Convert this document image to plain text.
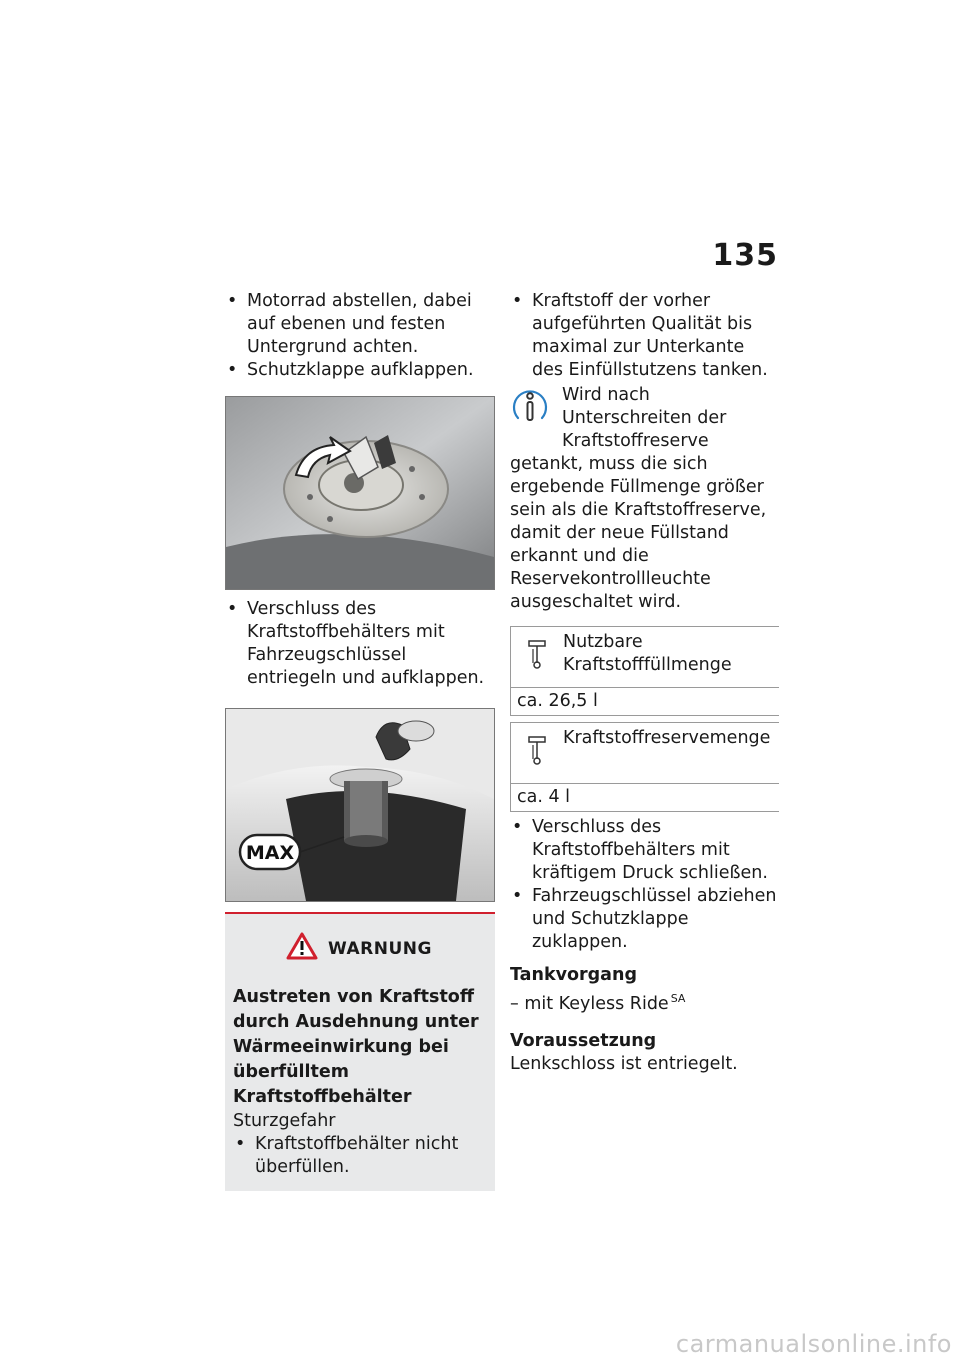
135

• Motorrad abstellen, dabei auf ebenen und festen Untergrund achten.

• Schutzklappe aufklappen.

• Verschluss des Kraftstoffbehälters mit Fahrzeugschlüssel entriegeln und aufklappen.

MAX
WARNUNG
Austreten von Kraftstoff durch Ausdehnung unter Wärmeeinwirkung bei überfülltem Kraftstoffbehälter
Sturzgefahr

• Kraftstoffbehälter nicht überfüllen.

• Kraftstoff der vorher aufgeführten Qualität bis maximal zur Unterkante des Einfüllstutzens tanken.

Wird nach Unterschreiten der Kraftstoffreserve
getankt, muss die sich ergebende Füllmenge größer sein als die Kraftstoffreserve, damit der neue Füllstand erkannt und die Reservekontrollleuchte ausgeschaltet wird.
Nutzbare Kraftstofffüllmenge
ca. 26,5 l
Kraftstoffreservemenge
ca. 4 l

• Verschluss des Kraftstoffbehälters mit kräftigem Druck schließen.

• Fahrzeugschlüssel abziehen und Schutzklappe zuklappen.

Tankvorgang
– mit Keyless Ride $^{SA}$
Voraussetzung
Lenkschloss ist entriegelt.
carmanualsonline.info
